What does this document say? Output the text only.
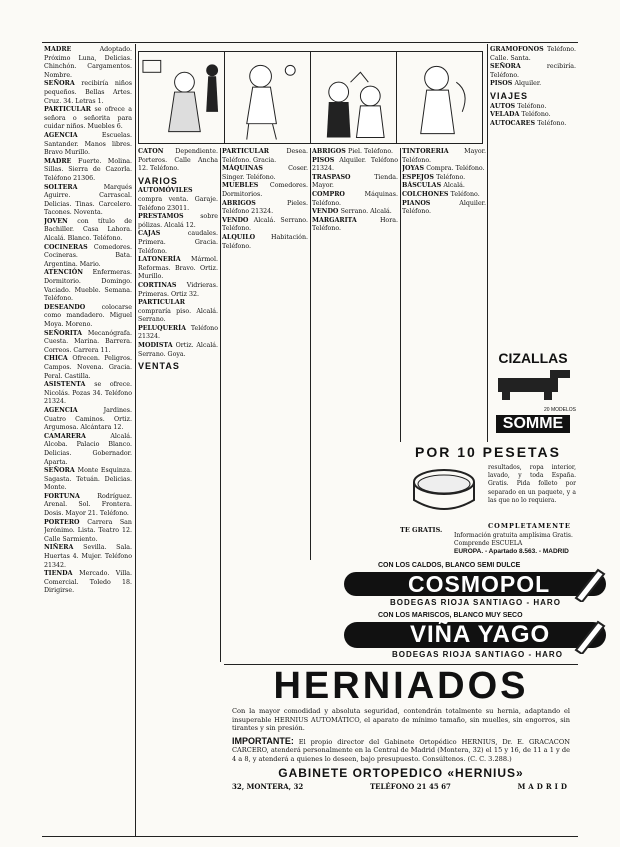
MADRE Adoptado. Próximo Luna, Delicias. Chinchón. Cargamentos. Nombre.

SEÑORA recibiría niños pequeños. Bellas Artes. Cruz. 34. Letras 1.

PARTICULAR se ofrece a señora o señorita para cuidar niños. Muebles 6.

AGENCIA Escuelas. Santander. Manos libres. Bravo Murillo.

MADRE Fuerte. Molina. Sillas. Sierra de Cazorla. Teléfono 21306.

SOLTERA Marqués Aguirre. Carrascal. Delicias. Tinas. Carcelero. Tacones. Noventa.

JOVEN con título de Bachiller. Casa Lahora. Alcalá. Blanco. Teléfono.

COCINERAS Comedores. Cocineras. Bata. Argentina. Mario.

ATENCIÓN Enfermeras. Dormitorio. Domingo. Vaciado. Mueble. Semana. Teléfono.

DESEANDO colocarse como mandadero. Miguel Moya. Moreno.

SEÑORITA Mecanógrafa. Cuesta. Marina. Barrera. Correos. Carrera 11.

CHICA Ofrecen. Peligros. Campos. Novena. Gracia. Peral. Castilla.

ASISTENTA se ofrece. Nicolás. Pozas 34. Teléfono 21324.

AGENCIA Jardines. Cuatro Caminos. Ortiz. Argumosa. Alcántara 12.

CAMARERA Alcalá. Alcoba. Palacio Blanco. Delicias. Gobernador. Aparta.

SEÑORA Monte Esquinza. Sagasta. Tetuán. Delicias. Monte.

FORTUNA Rodríguez. Arenal. Sol. Frontera. Dosis. Mayor 21. Teléfono.

PORTERO Carrera San Jerónimo. Lista. Teatro 12. Calle Sarmiento.

NIÑERA Sevilla. Sala. Huertas 4. Mujer. Teléfono 21342.

TIENDA Mercado. Villa. Comercial. Toledo 18. Dirigirse.

CATÓN Dependiente. Porteros. Calle Ancha 12. Teléfono.

VARIOS

AUTOMÓVILES compra venta. Garaje. Teléfono 23011.

PRESTAMOS sobre pólizas. Alcalá 12.

CAJAS caudales. Primera. Gracia. Teléfono.

LATONERÍA Mármol. Reformas. Bravo. Ortiz. Murillo.

CORTINAS Vidrieras. Primeras. Ortiz 32.

PARTICULAR compraría piso. Alcalá. Serrano.

PELUQUERÍA Teléfono 21324.

MODISTA Ortiz. Alcalá. Serrano. Goya.

VENTAS

PARTICULAR Desea. Teléfono. Gracia.

MÁQUINAS Coser. Singer. Teléfono.

MUEBLES Comedores. Dormitorios.

ABRIGOS Pieles. Teléfono 21324.

VENDO Alcalá. Serrano. Teléfono.

ALQUILO Habitación. Teléfono.

ABRIGOS Piel. Teléfono.

PISOS Alquiler. Teléfono 21324.

TRASPASO Tienda. Mayor.

COMPRO Máquinas. Teléfono.

VENDO Serrano. Alcalá.

MARGARITA Hora. Teléfono.

TINTORERÍA Mayor. Teléfono.

JOYAS Compra. Teléfono.

ESPEJOS Teléfono.

BÁSCULAS Alcalá.

COLCHONES Teléfono.

PIANOS Alquiler. Teléfono.

GRAMÓFONOS Teléfono. Calle. Santa.

SEÑORA recibiría. Teléfono.

PISOS Alquiler.

VIAJES

AUTOS Teléfono.

VELADA Teléfono.

AUTOCARES Teléfono.

CIZALLAS
20 MODELOS
SOMME
POR 10 PESETAS
resultados, ropa interior, lavado, y toda España. Gratis. Pida folleto por separado en un paquete, y a las que no lo requiera.
TE GRATIS.	COMPLETAMENTE
Información gratuita amplísima Gratis. Comprende ESCUELA
EUROPA. - Apartado 8.563. - MADRID
CON LOS CALDOS, BLANCO SEMI DULCE
COSMOPOL
BODEGAS RIOJA SANTIAGO - HARO
CON LOS MARISCOS, BLANCO MUY SECO
VIÑA YAGO
BODEGAS RIOJA SANTIAGO - HARO
HERNIADOS
Con la mayor comodidad y absoluta seguridad, contendrán totalmente su hernia, adaptando el insuperable HERNIUS AUTOMÁTICO, el aparato de mínimo tamaño, sin muelles, sin engorros, sin tirantes y sin presión.
IMPORTANTE: El propio director del Gabinete Ortopédico HERNIUS, Dr. E. GRACACON CARCERO, atenderá personalmente en la Central de Madrid (Montera, 32) el 15 y 16, de 11 a 1 y de 4 a 8, y atenderá a quienes lo deseen, bajo presupuesto. Consúltenos. (C. C. 3.288.)
GABINETE ORTOPEDICO «HERNIUS»
32, MONTERA, 32	TELÉFONO 21 45 67	MADRID
